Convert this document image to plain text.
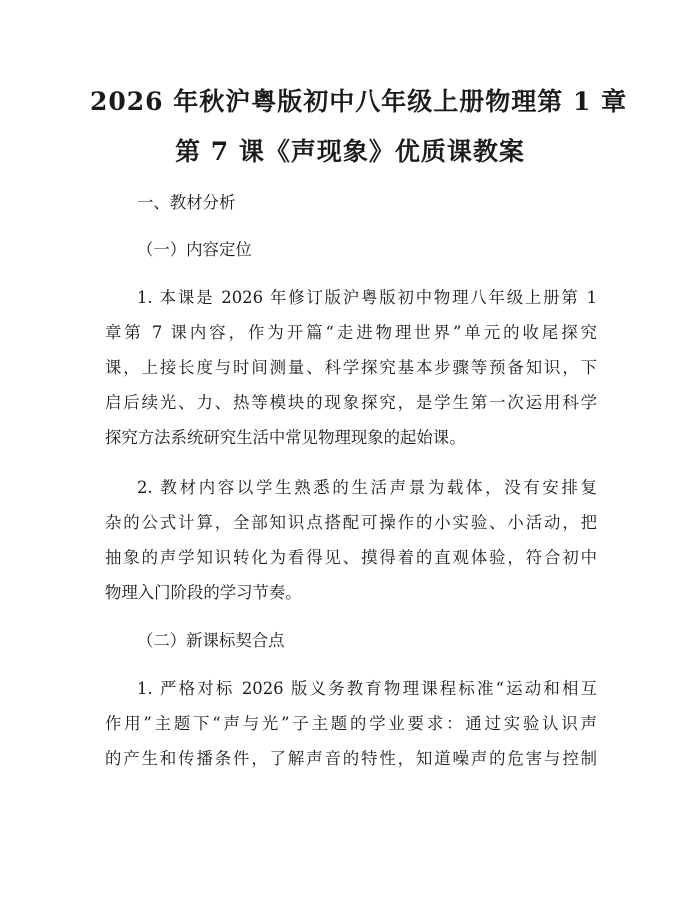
2026 年秋沪粤版初中八年级上册物理第 1 章
第 7 课《声现象》优质课教案
一、教材分析
（一）内容定位
1. 本课是 2026 年修订版沪粤版初中物理八年级上册第 1
章第 7 课内容，作为开篇“走进物理世界”单元的收尾探究
课，上接长度与时间测量、科学探究基本步骤等预备知识，下
启后续光、力、热等模块的现象探究，是学生第一次运用科学
探究方法系统研究生活中常见物理现象的起始课。
2. 教材内容以学生熟悉的生活声景为载体，没有安排复
杂的公式计算，全部知识点搭配可操作的小实验、小活动，把
抽象的声学知识转化为看得见、摸得着的直观体验，符合初中
物理入门阶段的学习节奏。
（二）新课标契合点
1. 严格对标 2026 版义务教育物理课程标准“运动和相互
作用”主题下“声与光”子主题的学业要求：通过实验认识声
的产生和传播条件，了解声音的特性，知道噪声的危害与控制
